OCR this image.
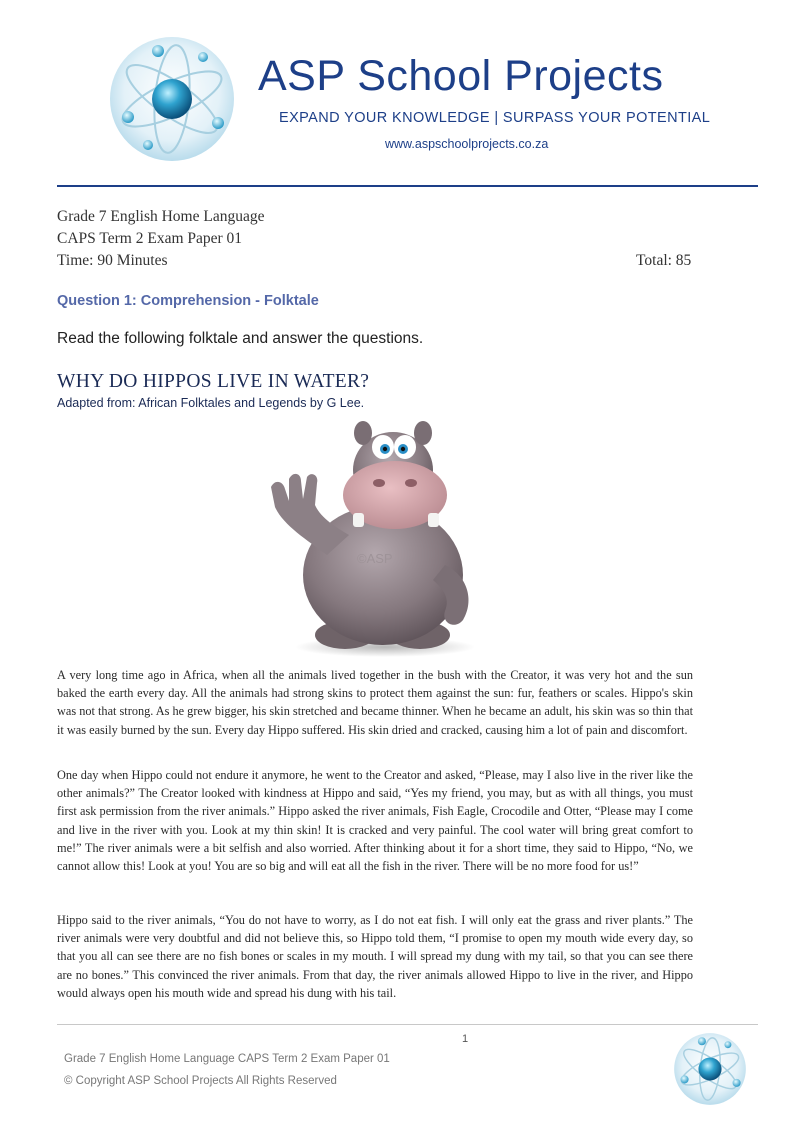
ASP School Projects
EXPAND YOUR KNOWLEDGE | SURPASS YOUR POTENTIAL
www.aspschoolprojects.co.za
Grade 7 English Home Language
CAPS Term 2 Exam Paper 01
Time: 90 Minutes	Total: 85
Question 1: Comprehension - Folktale
Read the following folktale and answer the questions.
WHY DO HIPPOS LIVE IN WATER?
Adapted from: African Folktales and Legends by G Lee.
©ASP

A very long time ago in Africa, when all the animals lived together in the bush with the Creator, it was very hot and the sun baked the earth every day. All the animals had strong skins to protect them against the sun: fur, feathers or scales. Hippo's skin was not that strong. As he grew bigger, his skin stretched and became thinner. When he became an adult, his skin was so thin that it was easily burned by the sun. Every day Hippo suffered. His skin dried and cracked, causing him a lot of pain and discomfort.

One day when Hippo could not endure it anymore, he went to the Creator and asked, “Please, may I also live in the river like the other animals?” The Creator looked with kindness at Hippo and said, “Yes my friend, you may, but as with all things, you must first ask permission from the river animals.” Hippo asked the river animals, Fish Eagle, Crocodile and Otter, “Please may I come and live in the river with you. Look at my thin skin! It is cracked and very painful. The cool water will bring great comfort to me!” The river animals were a bit selfish and also worried. After thinking about it for a short time, they said to Hippo, “No, we cannot allow this! Look at you! You are so big and will eat all the fish in the river. There will be no more food for us!”

Hippo said to the river animals, “You do not have to worry, as I do not eat fish. I will only eat the grass and river plants.” The river animals were very doubtful and did not believe this, so Hippo told them, “I promise to open my mouth wide every day, so that you all can see there are no fish bones or scales in my mouth. I will spread my dung with my tail, so that you can see there are no bones.” This convinced the river animals. From that day, the river animals allowed Hippo to live in the river, and Hippo would always open his mouth wide and spread his dung with his tail.

1
Grade 7 English Home Language CAPS Term 2 Exam Paper 01
© Copyright ASP School Projects All Rights Reserved
